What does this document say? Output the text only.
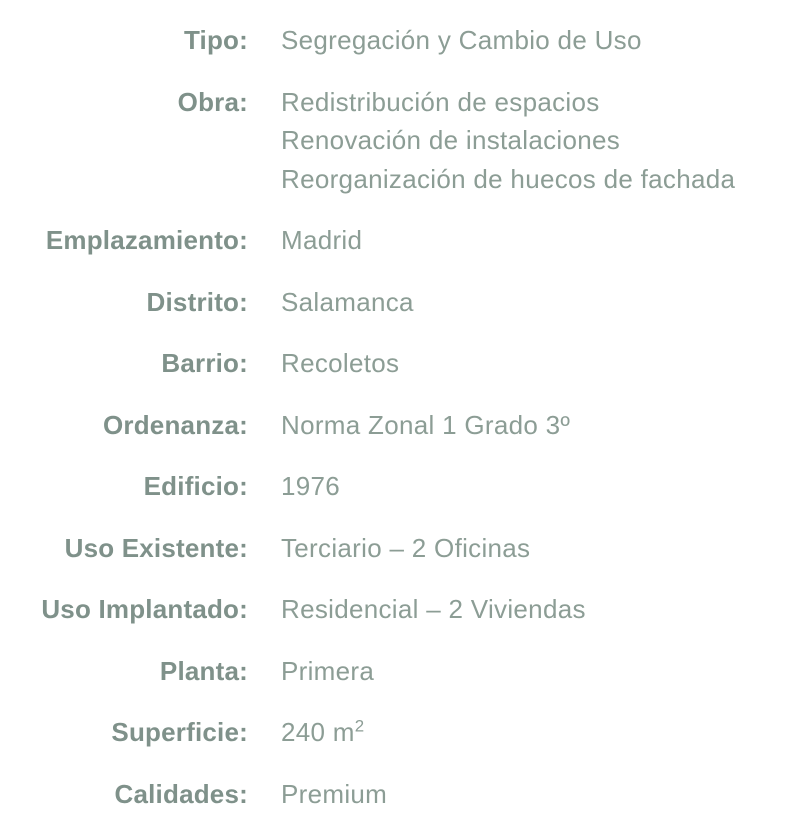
Tipo: Segregación y Cambio de Uso
Obra: Redistribución de espacios
Renovación de instalaciones
Reorganización de huecos de fachada
Emplazamiento: Madrid
Distrito: Salamanca
Barrio: Recoletos
Ordenanza: Norma Zonal 1 Grado 3º
Edificio: 1976
Uso Existente: Terciario – 2 Oficinas
Uso Implantado: Residencial – 2 Viviendas
Planta: Primera
Superficie: 240 $m^2$
Calidades: Premium
